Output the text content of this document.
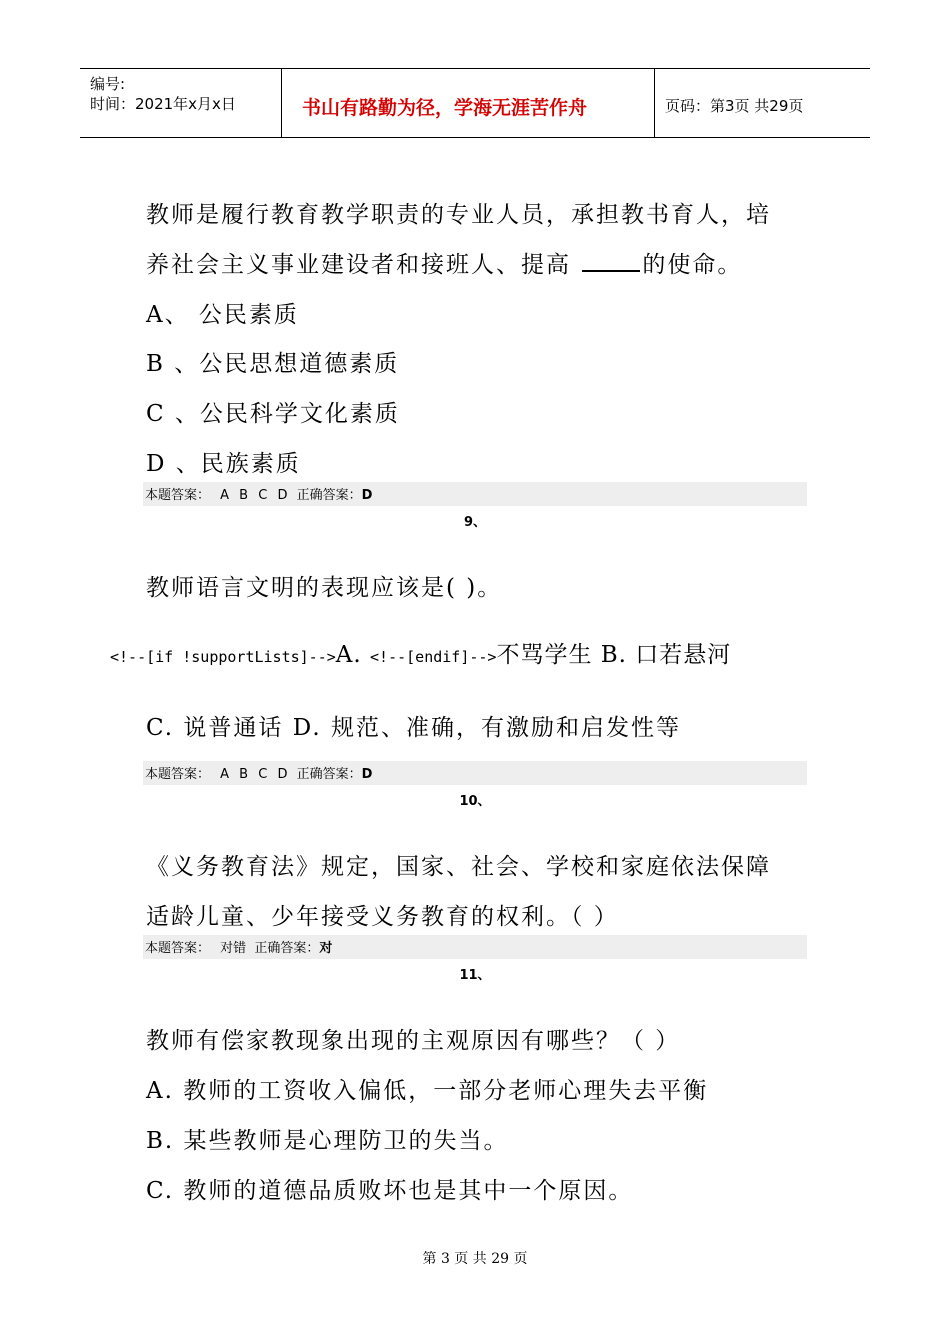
编号:
时间：2021年x月x日	书山有路勤为径，学海无涯苦作舟	页码：第3页 共29页
教师是履行教育教学职责的专业人员，承担教书育人，培
养社会主义事业建设者和接班人、提高	的使命。
A、 公民素质
B 、公民思想道德素质
C 、公民科学文化素质
D 、民族素质
本题答案： A B C D 正确答案：D
9、
教师语言文明的表现应该是( )。
<!--[if !supportLists]-->A. <!--[endif]-->不骂学生 B. 口若悬河
C. 说普通话 D. 规范、准确，有激励和启发性等
本题答案： A B C D 正确答案：D
10、
《义务教育法》规定，国家、社会、学校和家庭依法保障
适龄儿童、少年接受义务教育的权利。（ ）
本题答案： 对错 正确答案：对
11、
教师有偿家教现象出现的主观原因有哪些？（ ）
A. 教师的工资收入偏低，一部分老师心理失去平衡
B. 某些教师是心理防卫的失当。
C. 教师的道德品质败坏也是其中一个原因。
第 3 页 共 29 页
